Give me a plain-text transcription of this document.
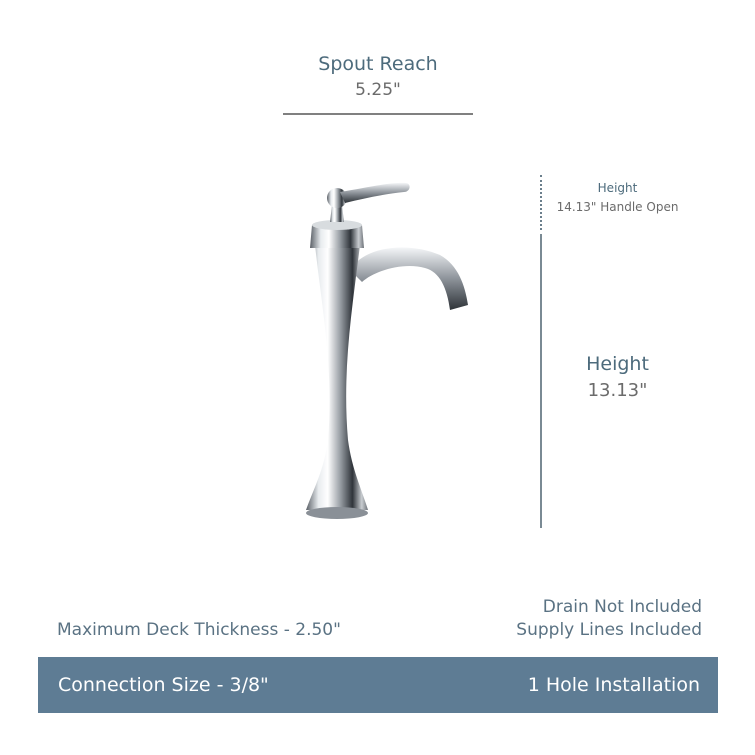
Spout Reach
5.25"
Height
14.13" Handle Open
Height
13.13"
Maximum Deck Thickness - 2.50"
Drain Not Included
Supply Lines Included
Connection Size - 3/8"	1 Hole Installation
